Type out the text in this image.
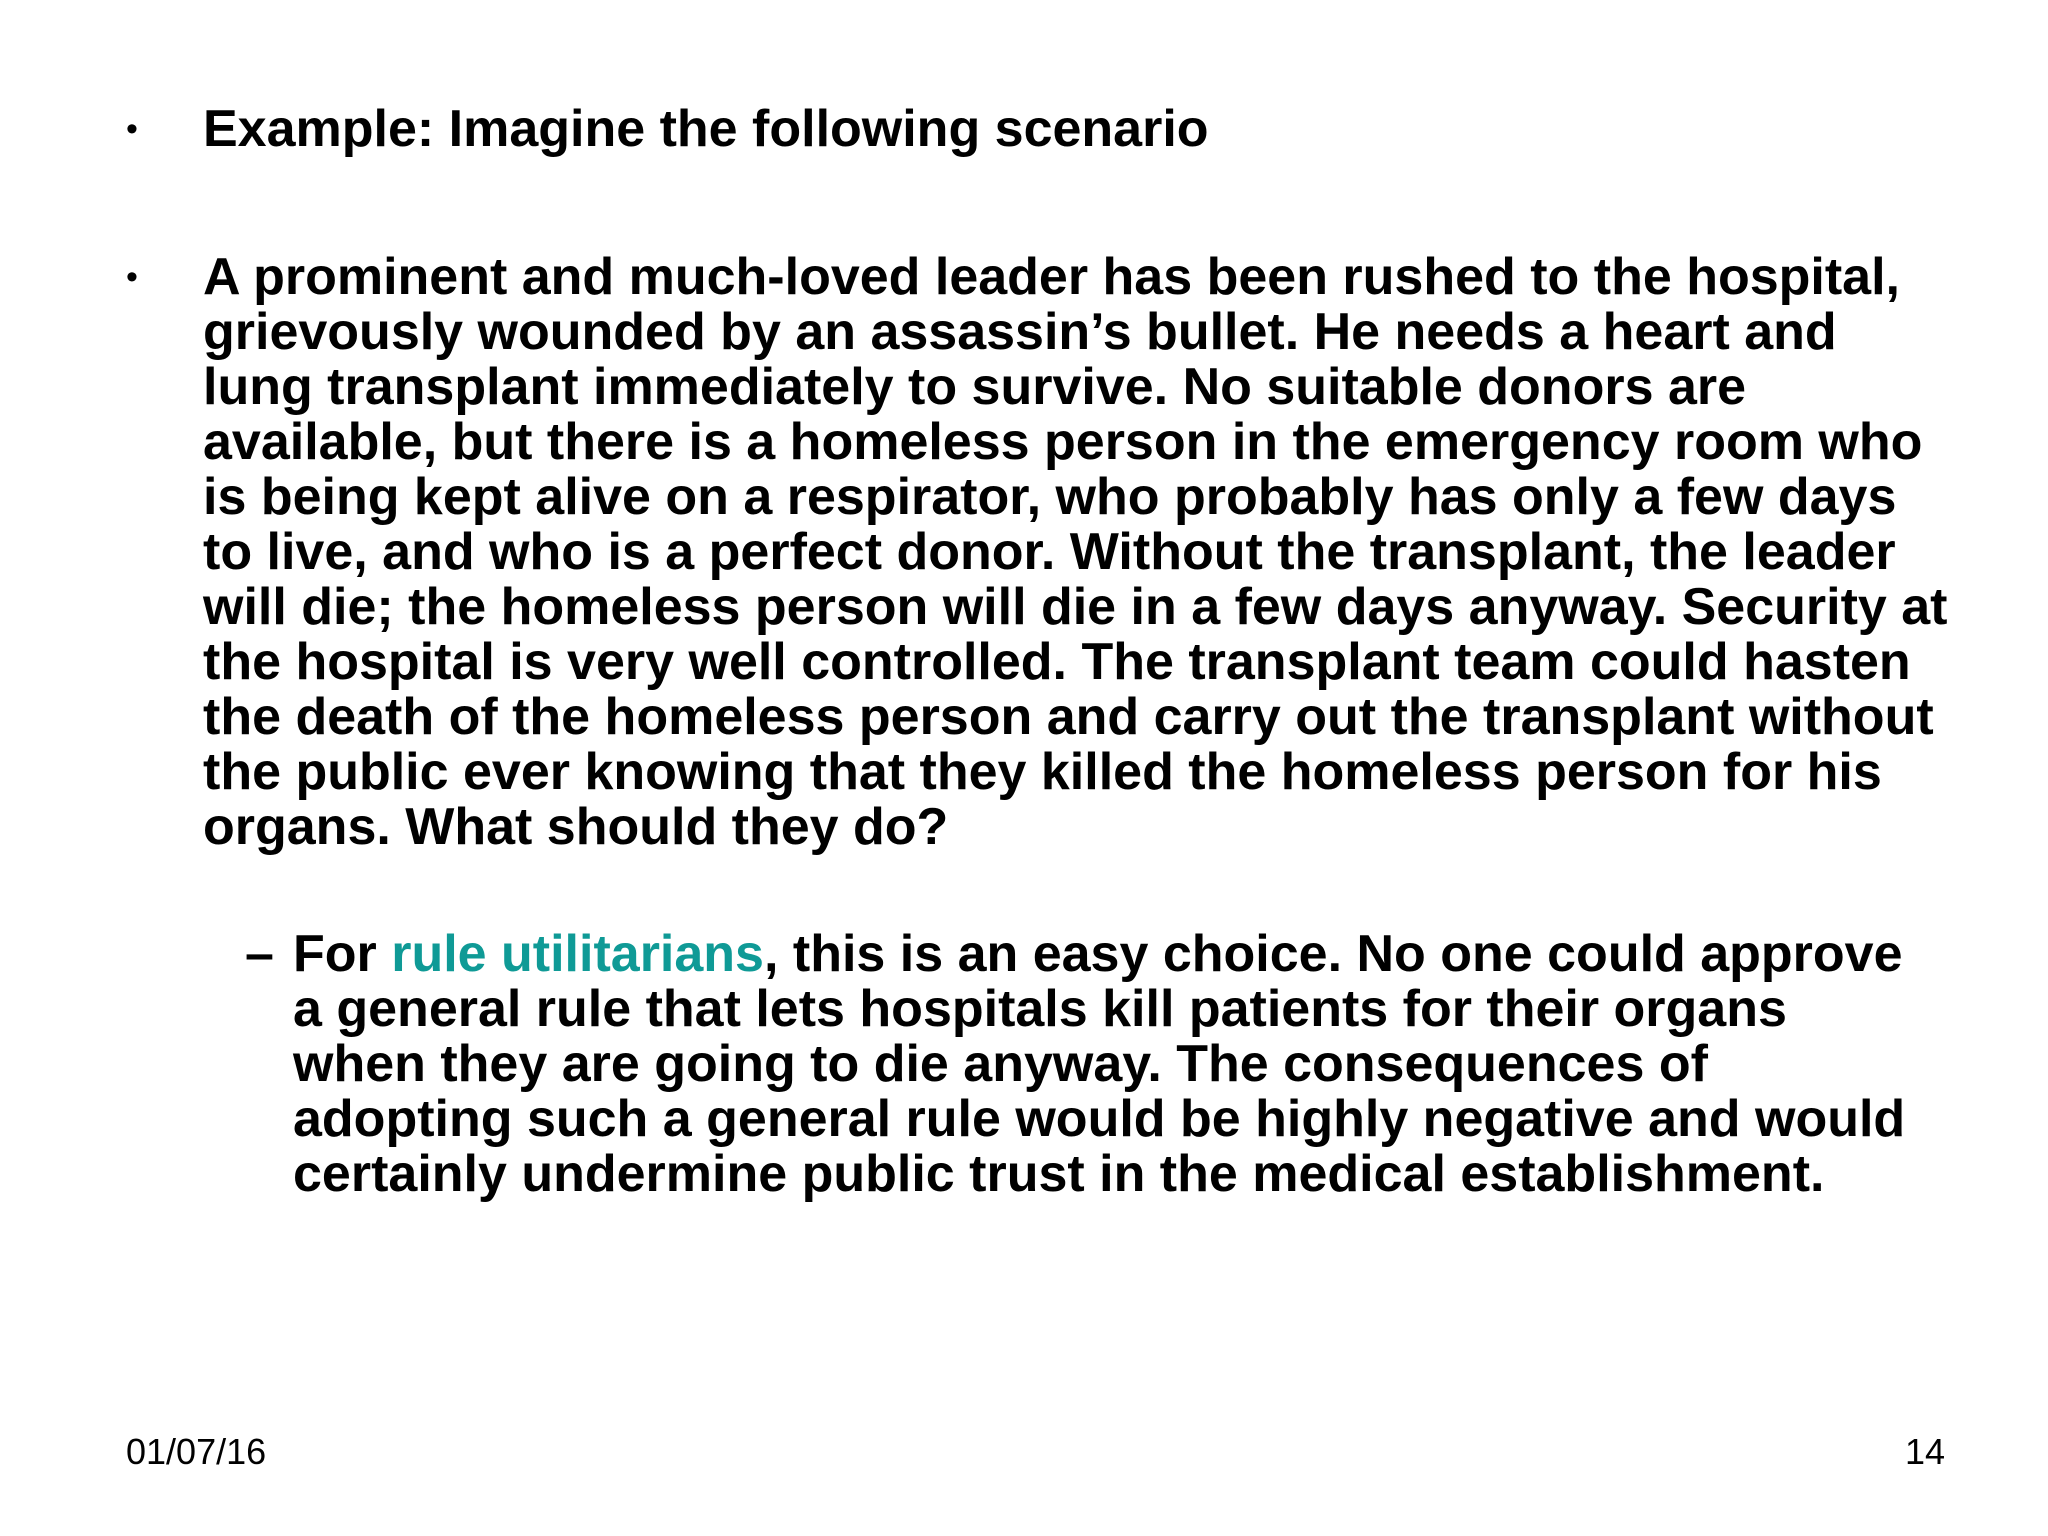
• Example: Imagine the following scenario
• A prominent and much-loved leader has been rushed to the hospital, grievously wounded by an assassin’s bullet. He needs a heart and lung transplant immediately to survive. No suitable donors are available, but there is a homeless person in the emergency room who is being kept alive on a respirator, who probably has only a few days to live, and who is a perfect donor. Without the transplant, the leader will die; the homeless person will die in a few days anyway. Security at the hospital is very well controlled. The transplant team could hasten the death of the homeless person and carry out the transplant without the public ever knowing that they killed the homeless person for his organs. What should they do?
– For rule utilitarians, this is an easy choice. No one could approve a general rule that lets hospitals kill patients for their organs when they are going to die anyway. The consequences of adopting such a general rule would be highly negative and would certainly undermine public trust in the medical establishment.
01/07/16	14
